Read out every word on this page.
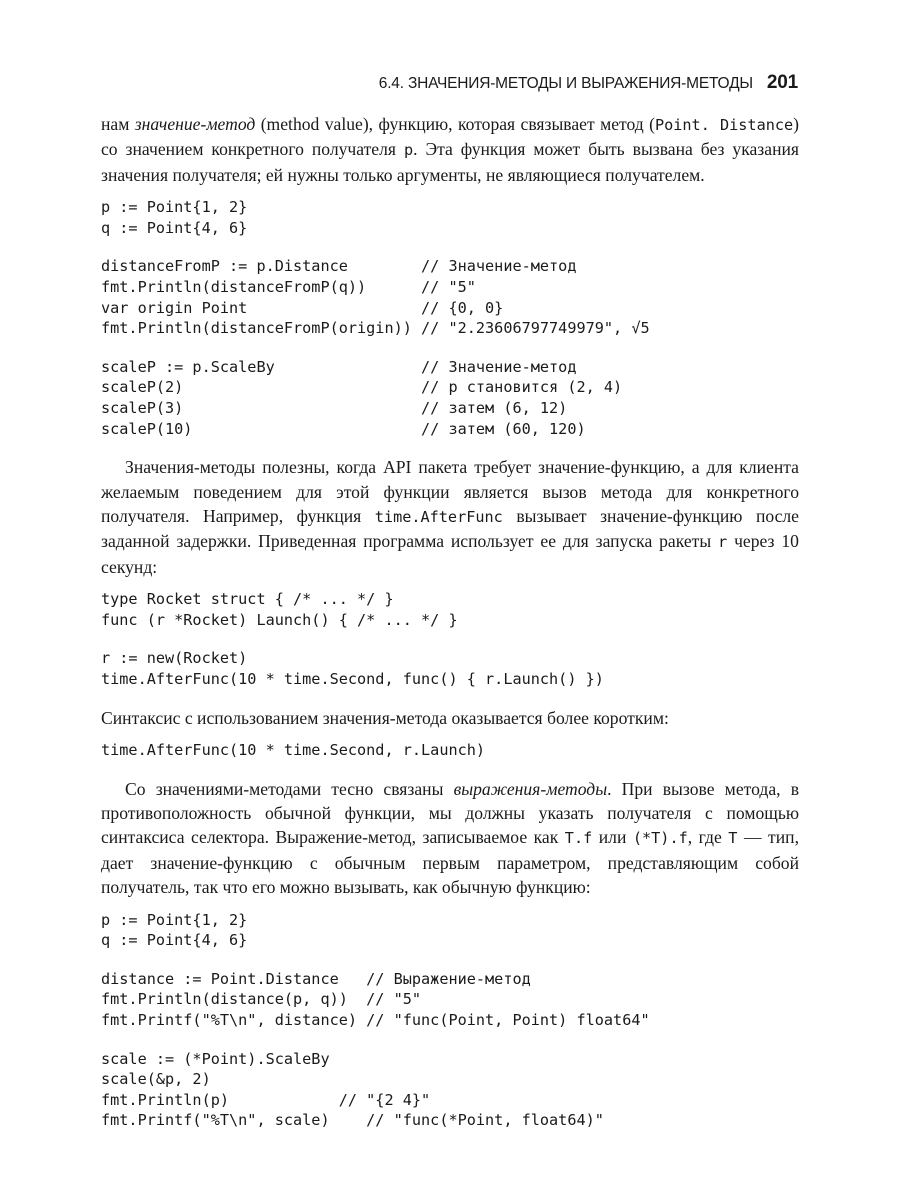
6.4. ЗНАЧЕНИЯ-МЕТОДЫ И ВЫРАЖЕНИЯ-МЕТОДЫ 201

нам значение-метод (method value), функцию, которая связывает метод (Point. Distance) со значением конкретного получателя p. Эта функция может быть вызвана без указания значения получателя; ей нужны только аргументы, не являющиеся получателем.

p := Point{1, 2}
q := Point{4, 6}
distanceFromP := p.Distance        // Значение-метод
fmt.Println(distanceFromP(q))      // "5"
var origin Point                   // {0, 0}
fmt.Println(distanceFromP(origin)) // "2.23606797749979", √5
scaleP := p.ScaleBy                // Значение-метод
scaleP(2)                          // p становится (2, 4)
scaleP(3)                          // затем (6, 12)
scaleP(10)                         // затем (60, 120)

Значения-методы полезны, когда API пакета требует значение-функцию, а для клиента желаемым поведением для этой функции является вызов метода для конкретного получателя. Например, функция time.AfterFunc вызывает значение-функцию после заданной задержки. Приведенная программа использует ее для запуска ракеты r через 10 секунд:

type Rocket struct { /* ... */ }
func (r *Rocket) Launch() { /* ... */ }
r := new(Rocket)
time.AfterFunc(10 * time.Second, func() { r.Launch() })

Синтаксис с использованием значения-метода оказывается более коротким:

time.AfterFunc(10 * time.Second, r.Launch)

Со значениями-методами тесно связаны выражения-методы. При вызове метода, в противоположность обычной функции, мы должны указать получателя с помощью синтаксиса селектора. Выражение-метод, записываемое как T.f или (*T).f, где T — тип, дает значение-функцию с обычным первым параметром, представляющим собой получатель, так что его можно вызывать, как обычную функцию:

p := Point{1, 2}
q := Point{4, 6}
distance := Point.Distance   // Выражение-метод
fmt.Println(distance(p, q))  // "5"
fmt.Printf("%T\n", distance) // "func(Point, Point) float64"
scale := (*Point).ScaleBy
scale(&p, 2)
fmt.Println(p)            // "{2 4}"
fmt.Printf("%T\n", scale)    // "func(*Point, float64)"
